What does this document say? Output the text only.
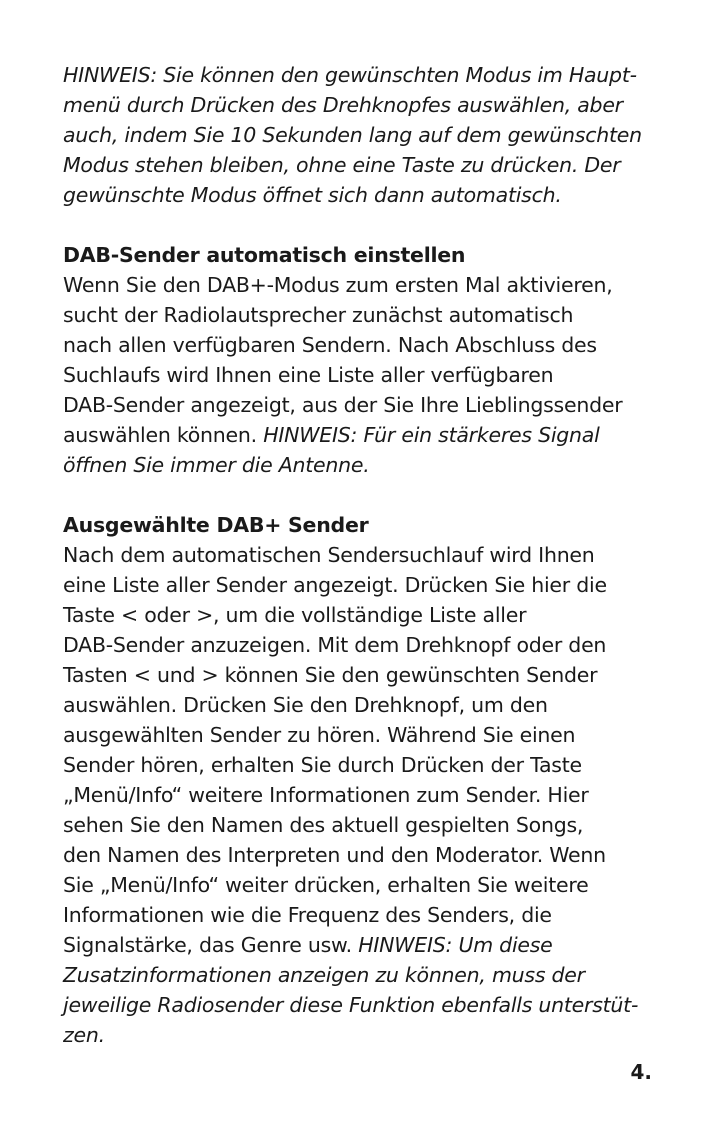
HINWEIS: Sie können den gewünschten Modus im Haupt-
menü durch Drücken des Drehknopfes auswählen, aber
auch, indem Sie 10 Sekunden lang auf dem gewünschten
Modus stehen bleiben, ohne eine Taste zu drücken. Der
gewünschte Modus öffnet sich dann automatisch.
DAB-Sender automatisch einstellen
Wenn Sie den DAB+-Modus zum ersten Mal aktivieren,
sucht der Radiolautsprecher zunächst automatisch
nach allen verfügbaren Sendern. Nach Abschluss des
Suchlaufs wird Ihnen eine Liste aller verfügbaren
DAB-Sender angezeigt, aus der Sie Ihre Lieblingssender
auswählen können. HINWEIS: Für ein stärkeres Signal
öffnen Sie immer die Antenne.
Ausgewählte DAB+ Sender
Nach dem automatischen Sendersuchlauf wird Ihnen
eine Liste aller Sender angezeigt. Drücken Sie hier die
Taste < oder >, um die vollständige Liste aller
DAB-Sender anzuzeigen. Mit dem Drehknopf oder den
Tasten < und > können Sie den gewünschten Sender
auswählen. Drücken Sie den Drehknopf, um den
ausgewählten Sender zu hören. Während Sie einen
Sender hören, erhalten Sie durch Drücken der Taste
„Menü/Info“ weitere Informationen zum Sender. Hier
sehen Sie den Namen des aktuell gespielten Songs,
den Namen des Interpreten und den Moderator. Wenn
Sie „Menü/Info“ weiter drücken, erhalten Sie weitere
Informationen wie die Frequenz des Senders, die
Signalstärke, das Genre usw. HINWEIS: Um diese
Zusatzinformationen anzeigen zu können, muss der
jeweilige Radiosender diese Funktion ebenfalls unterstüt-
zen.
4.
